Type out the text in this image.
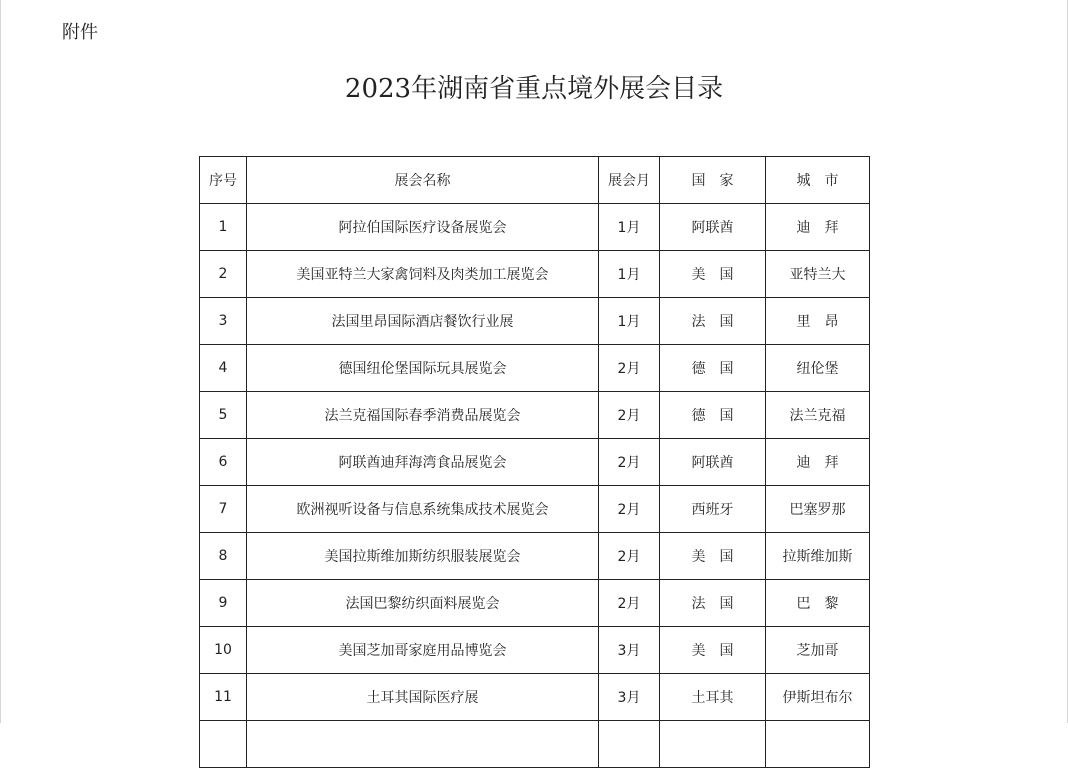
附件
2023年湖南省重点境外展会目录
序号	展会名称	展会月	国　家	城　市
1	阿拉伯国际医疗设备展览会	1月	阿联酋	迪　拜
2	美国亚特兰大家禽饲料及肉类加工展览会	1月	美　国	亚特兰大
3	法国里昂国际酒店餐饮行业展	1月	法　国	里　昂
4	德国纽伦堡国际玩具展览会	2月	德　国	纽伦堡
5	法兰克福国际春季消费品展览会	2月	德　国	法兰克福
6	阿联酋迪拜海湾食品展览会	2月	阿联酋	迪　拜
7	欧洲视听设备与信息系统集成技术展览会	2月	西班牙	巴塞罗那
8	美国拉斯维加斯纺织服装展览会	2月	美　国	拉斯维加斯
9	法国巴黎纺织面料展览会	2月	法　国	巴　黎
10	美国芝加哥家庭用品博览会	3月	美　国	芝加哥
11	土耳其国际医疗展	3月	土耳其	伊斯坦布尔
